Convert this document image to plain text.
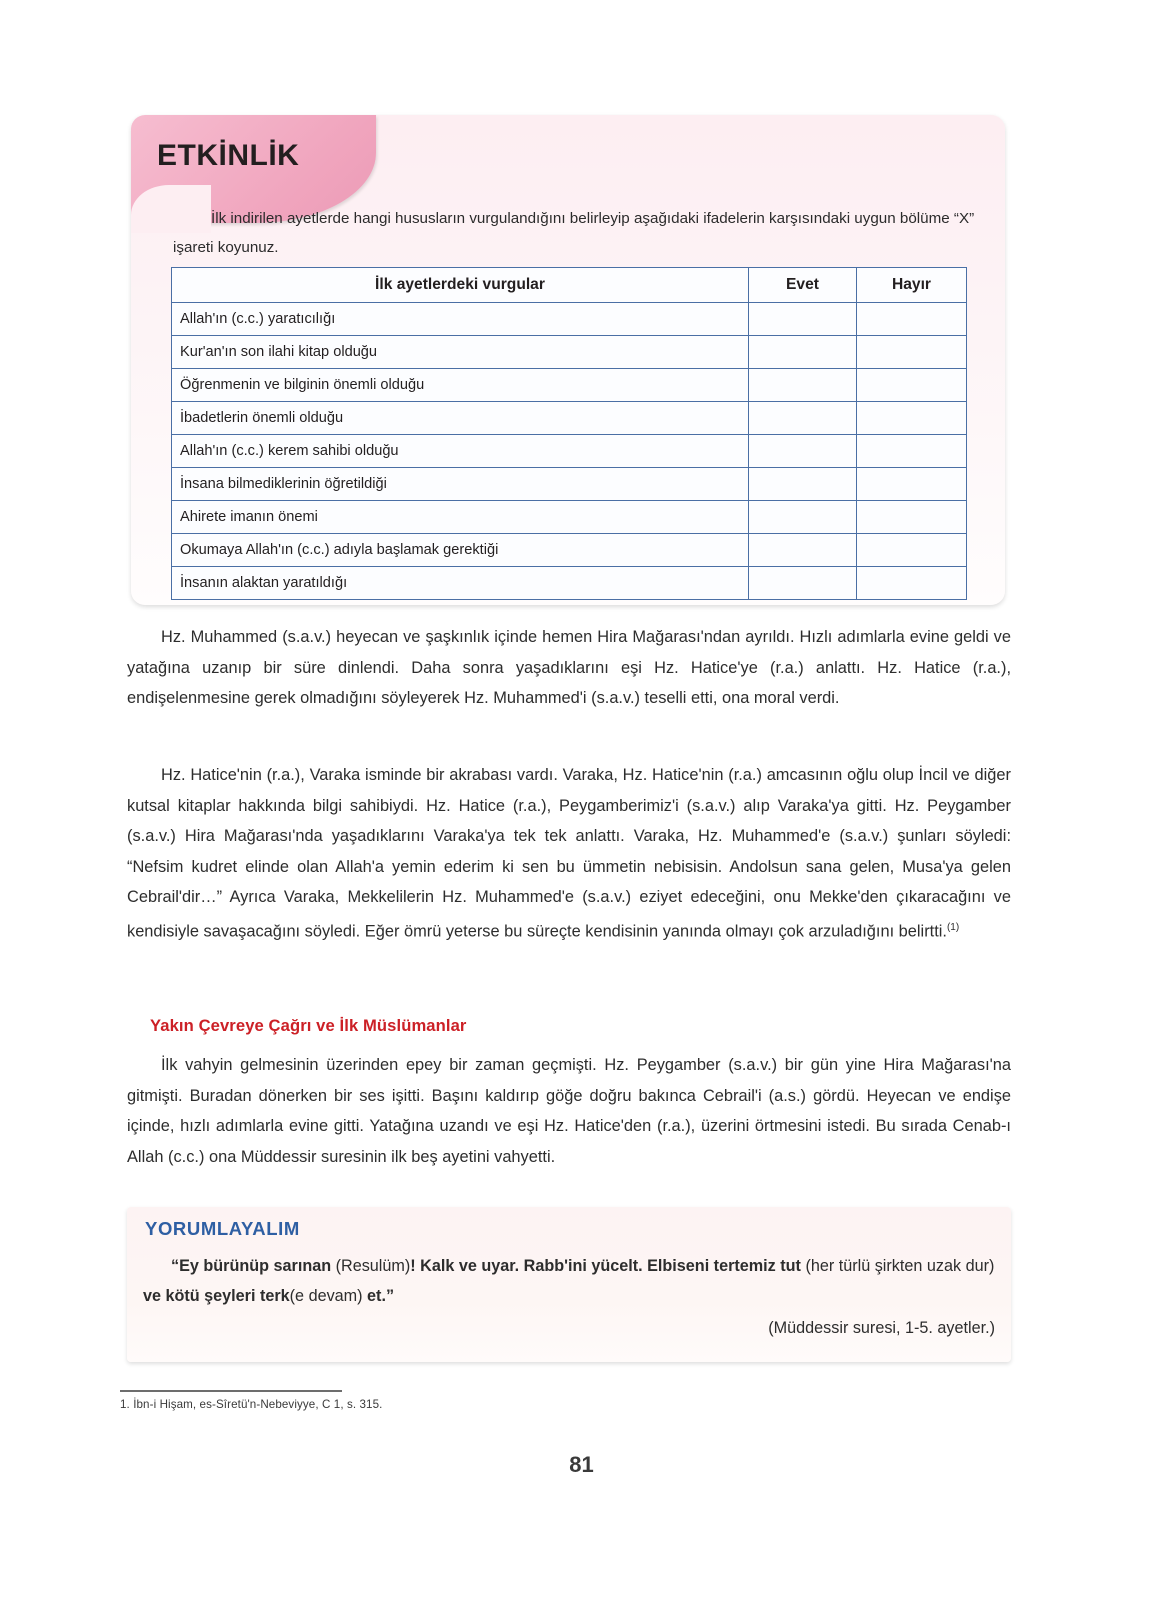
ETKİNLİK
İlk indirilen ayetlerde hangi hususların vurgulandığını belirleyip aşağıdaki ifadelerin karşısındaki uygun bölüme “X” işareti koyunuz.
İlk ayetlerdeki vurgular	Evet	Hayır
Allah'ın (c.c.) yaratıcılığı		
Kur'an'ın son ilahi kitap olduğu		
Öğrenmenin ve bilginin önemli olduğu		
İbadetlerin önemli olduğu		
Allah'ın (c.c.) kerem sahibi olduğu		
İnsana bilmediklerinin öğretildiği		
Ahirete imanın önemi		
Okumaya Allah'ın (c.c.) adıyla başlamak gerektiği		
İnsanın alaktan yaratıldığı		
Hz. Muhammed (s.a.v.) heyecan ve şaşkınlık içinde hemen Hira Mağarası'ndan ayrıldı. Hızlı adımlarla evine geldi ve yatağına uzanıp bir süre dinlendi. Daha sonra yaşadıklarını eşi Hz. Hatice'ye (r.a.) anlattı. Hz. Hatice (r.a.), endişelenmesine gerek olmadığını söyleyerek Hz. Muhammed'i (s.a.v.) teselli etti, ona moral verdi.
Hz. Hatice'nin (r.a.), Varaka isminde bir akrabası vardı. Varaka, Hz. Hatice'nin (r.a.) amcasının oğlu olup İncil ve diğer kutsal kitaplar hakkında bilgi sahibiydi. Hz. Hatice (r.a.), Peygamberimiz'i (s.a.v.) alıp Varaka'ya gitti. Hz. Peygamber (s.a.v.) Hira Mağarası'nda yaşadıklarını Varaka'ya tek tek anlattı. Varaka, Hz. Muhammed'e (s.a.v.) şunları söyledi: “Nefsim kudret elinde olan Allah'a yemin ederim ki sen bu ümmetin nebisisin. Andolsun sana gelen, Musa'ya gelen Cebrail'dir…” Ayrıca Varaka, Mekkelilerin Hz. Muhammed'e (s.a.v.) eziyet edeceğini, onu Mekke'den çıkaracağını ve kendisiyle savaşacağını söyledi. Eğer ömrü yeterse bu süreçte kendisinin yanında olmayı çok arzuladığını belirtti.$^{(1)}$
Yakın Çevreye Çağrı ve İlk Müslümanlar
İlk vahyin gelmesinin üzerinden epey bir zaman geçmişti. Hz. Peygamber (s.a.v.) bir gün yine Hira Mağarası'na gitmişti. Buradan dönerken bir ses işitti. Başını kaldırıp göğe doğru bakınca Cebrail'i (a.s.) gördü. Heyecan ve endişe içinde, hızlı adımlarla evine gitti. Yatağına uzandı ve eşi Hz. Hatice'den (r.a.), üzerini örtmesini istedi. Bu sırada Cenab-ı Allah (c.c.) ona Müddessir suresinin ilk beş ayetini vahyetti.
YORUMLAYALIM
“Ey bürünüp sarınan (Resulüm)! Kalk ve uyar. Rabb'ini yücelt. Elbiseni tertemiz tut (her türlü şirkten uzak dur) ve kötü şeyleri terk(e devam) et.”
(Müddessir suresi, 1-5. ayetler.)
1. İbn-i Hişam, es-Sîretü'n-Nebeviyye, C 1, s. 315.
81
